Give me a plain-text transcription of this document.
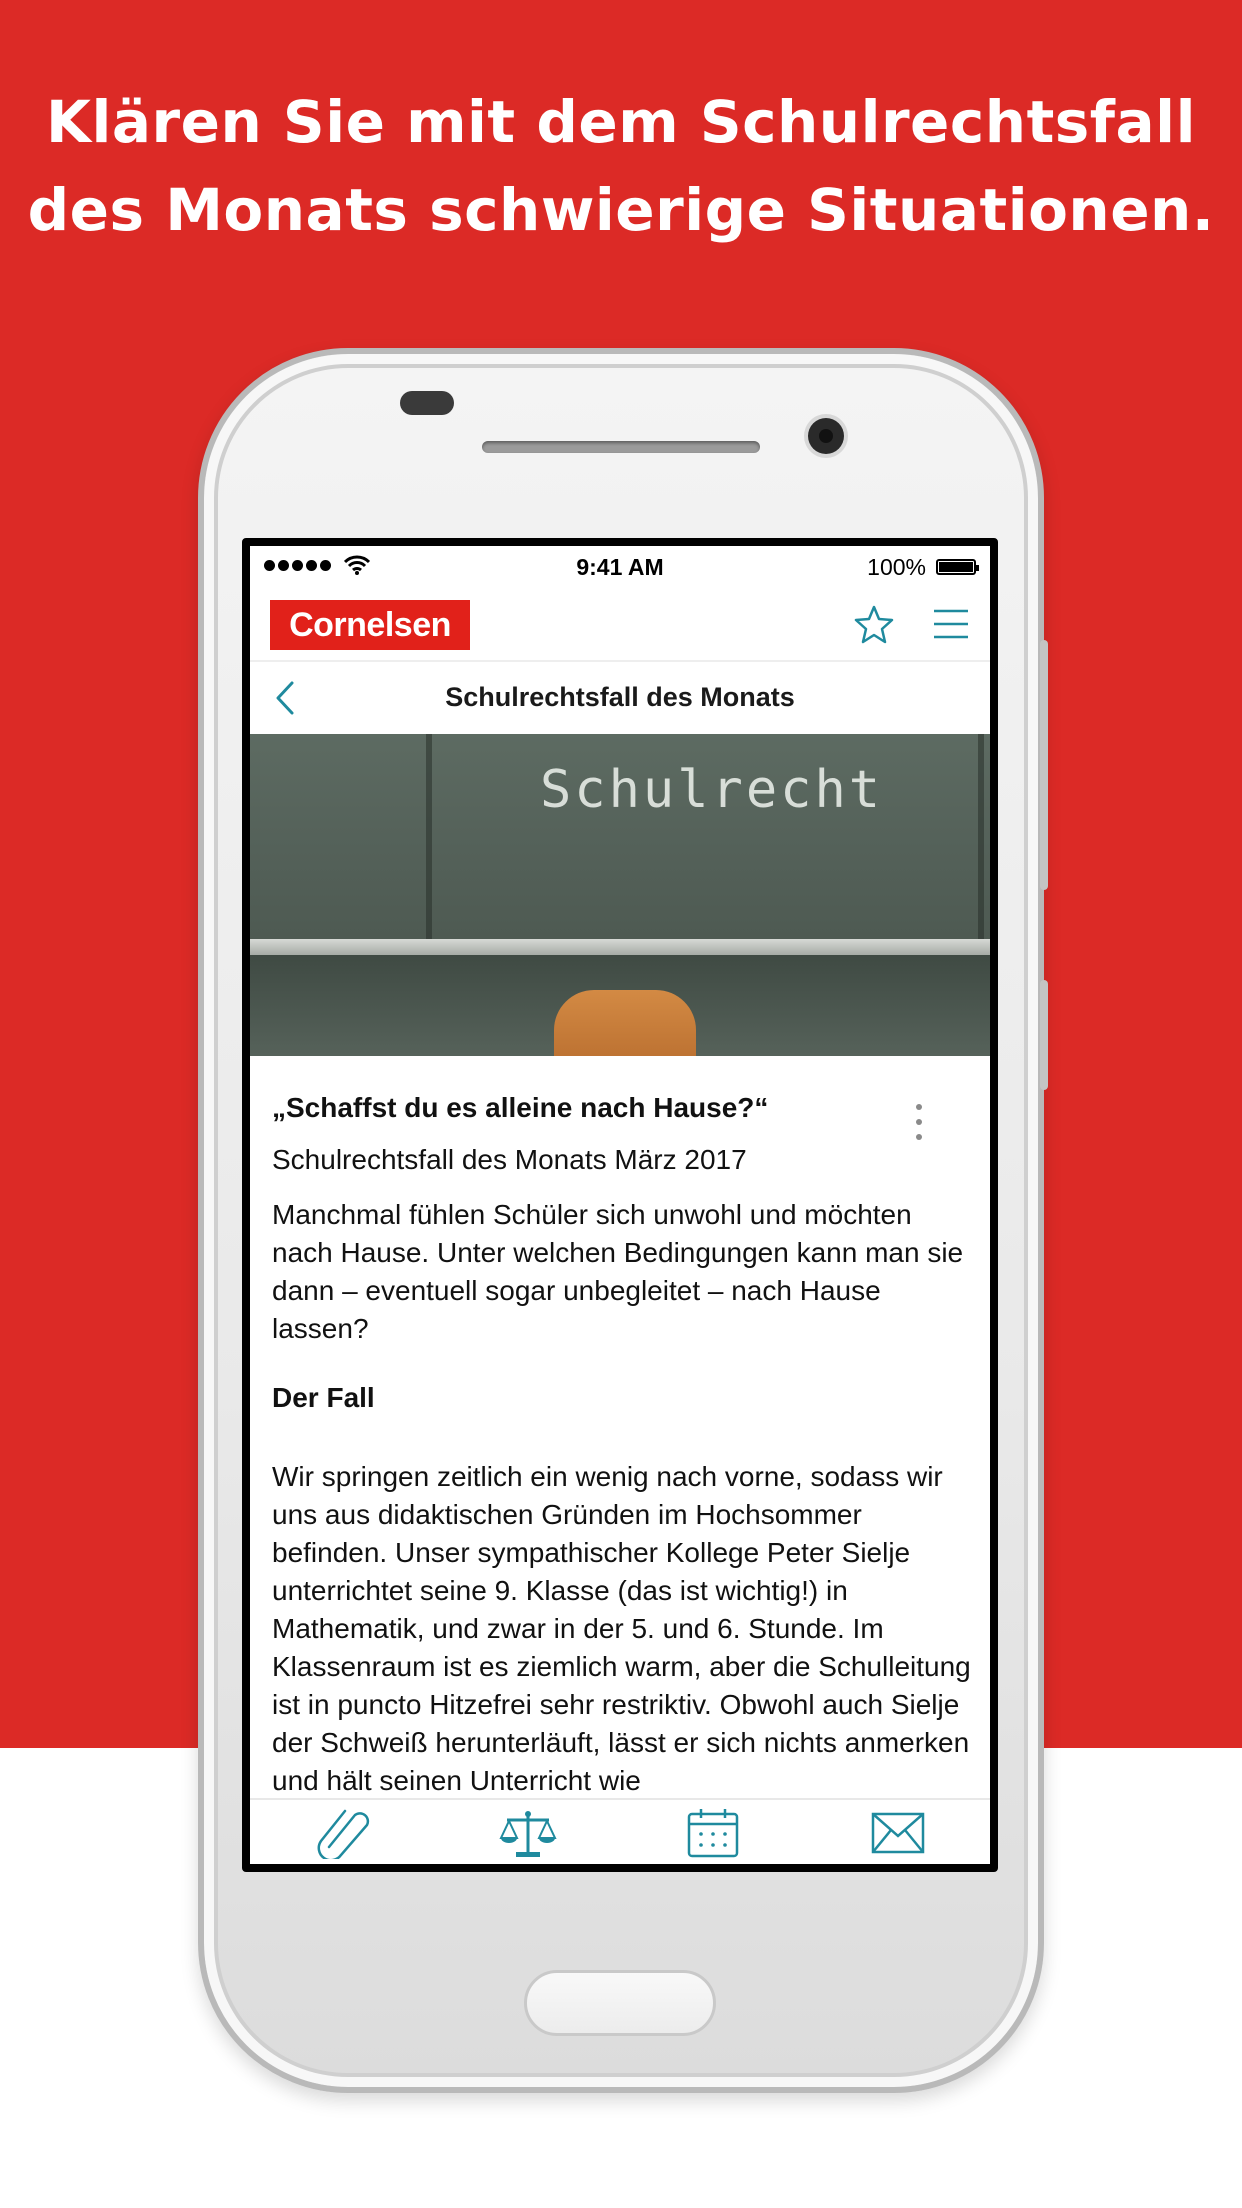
Klären Sie mit dem Schulrechtsfall
des Monats schwierige Situationen.
9:41 AM	100%
Cornelsen
Schulrechtsfall des Monats
Schulrecht
„Schaffst du es alleine nach Hause?“
Schulrechtsfall des Monats März 2017
Manchmal fühlen Schüler sich unwohl und möchten nach Hause. Unter welchen Bedingungen kann man sie dann – eventuell sogar unbegleitet – nach Hause lassen?
Der Fall
Wir springen zeitlich ein wenig nach vorne, sodass wir uns aus didaktischen Gründen im Hochsommer befinden. Unser sympathischer Kollege Peter Sielje unterrichtet seine 9. Klasse (das ist wichtig!) in Mathematik, und zwar in der 5. und 6. Stunde. Im Klassenraum ist es ziemlich warm, aber die Schulleitung ist in puncto Hitzefrei sehr restriktiv. Obwohl auch Sielje der Schweiß herunterläuft, lässt er sich nichts anmerken und hält seinen Unterricht wie
